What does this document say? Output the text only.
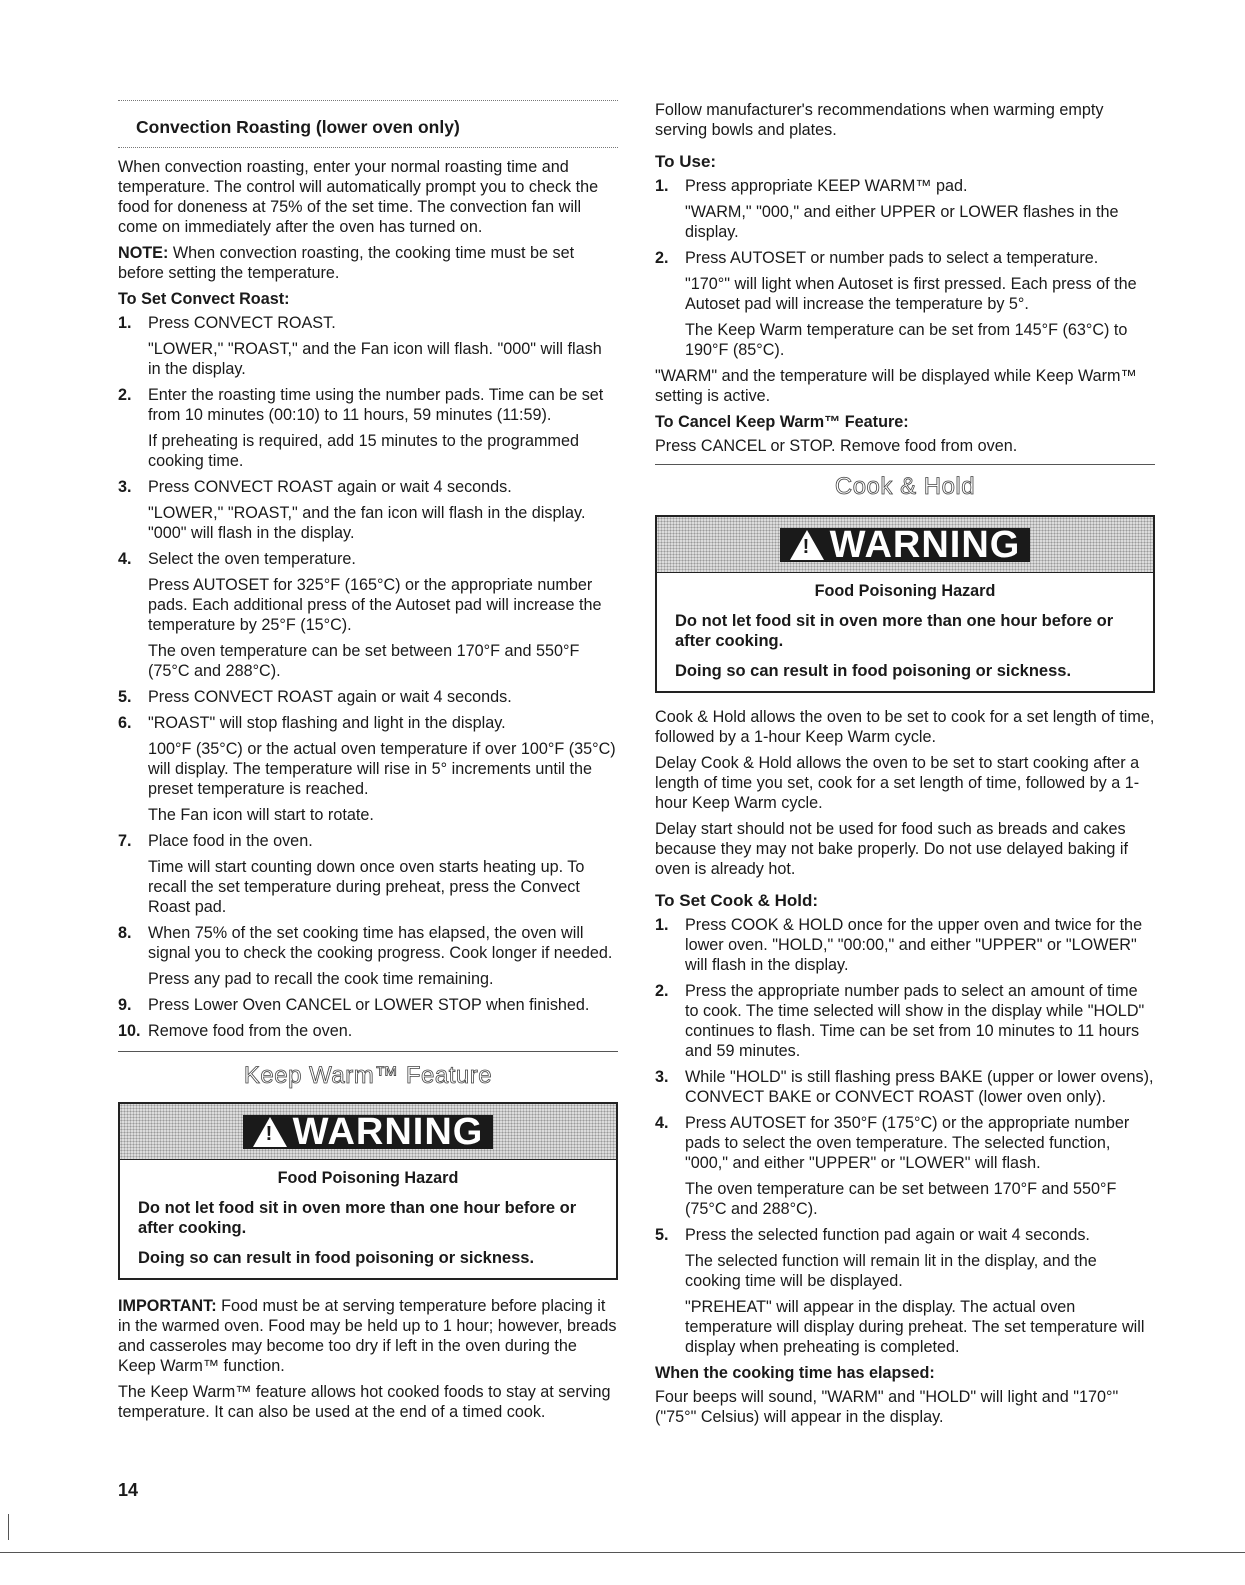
Convection Roasting (lower oven only)

When convection roasting, enter your normal roasting time and temperature. The control will automatically prompt you to check the food for doneness at 75% of the set time. The convection fan will come on immediately after the oven has turned on.

NOTE: When convection roasting, the cooking time must be set before setting the temperature.

To Set Convect Roast:

1. Press CONVECT ROAST.
"LOWER," "ROAST," and the Fan icon will flash. "000" will flash in the display.
2. Enter the roasting time using the number pads. Time can be set from 10 minutes (00:10) to 11 hours, 59 minutes (11:59).
If preheating is required, add 15 minutes to the programmed cooking time.
3. Press CONVECT ROAST again or wait 4 seconds.
"LOWER," "ROAST," and the fan icon will flash in the display. "000" will flash in the display.
4. Select the oven temperature.
Press AUTOSET for 325°F (165°C) or the appropriate number pads. Each additional press of the Autoset pad will increase the temperature by 25°F (15°C).
The oven temperature can be set between 170°F and 550°F (75°C and 288°C).
5. Press CONVECT ROAST again or wait 4 seconds.
6. "ROAST" will stop flashing and light in the display.
100°F (35°C) or the actual oven temperature if over 100°F (35°C) will display. The temperature will rise in 5° increments until the preset temperature is reached.
The Fan icon will start to rotate.
7. Place food in the oven.
Time will start counting down once oven starts heating up. To recall the set temperature during preheat, press the Convect Roast pad.
8. When 75% of the set cooking time has elapsed, the oven will signal you to check the cooking progress. Cook longer if needed.
Press any pad to recall the cook time remaining.
9. Press Lower Oven CANCEL or LOWER STOP when finished.
10. Remove food from the oven.
Keep Warm™ Feature
!
WARNING

Food Poisoning Hazard

Do not let food sit in oven more than one hour before or after cooking.

Doing so can result in food poisoning or sickness.

IMPORTANT: Food must be at serving temperature before placing it in the warmed oven. Food may be held up to 1 hour; however, breads and casseroles may become too dry if left in the oven during the Keep Warm™ function.

The Keep Warm™ feature allows hot cooked foods to stay at serving temperature. It can also be used at the end of a timed cook.

Follow manufacturer's recommendations when warming empty serving bowls and plates.

To Use:

1. Press appropriate KEEP WARM™ pad.
"WARM," "000," and either UPPER or LOWER flashes in the display.
2. Press AUTOSET or number pads to select a temperature.
"170°" will light when Autoset is first pressed. Each press of the Autoset pad will increase the temperature by 5°.
The Keep Warm temperature can be set from 145°F (63°C) to 190°F (85°C).

"WARM" and the temperature will be displayed while Keep Warm™ setting is active.

To Cancel Keep Warm™ Feature:

Press CANCEL or STOP. Remove food from oven.

Cook & Hold
!
WARNING

Food Poisoning Hazard

Do not let food sit in oven more than one hour before or after cooking.

Doing so can result in food poisoning or sickness.

Cook & Hold allows the oven to be set to cook for a set length of time, followed by a 1-hour Keep Warm cycle.

Delay Cook & Hold allows the oven to be set to start cooking after a length of time you set, cook for a set length of time, followed by a 1-hour Keep Warm cycle.

Delay start should not be used for food such as breads and cakes because they may not bake properly. Do not use delayed baking if oven is already hot.

To Set Cook & Hold:

1. Press COOK & HOLD once for the upper oven and twice for the lower oven. "HOLD," "00:00," and either "UPPER" or "LOWER" will flash in the display.
2. Press the appropriate number pads to select an amount of time to cook. The time selected will show in the display while "HOLD" continues to flash. Time can be set from 10 minutes to 11 hours and 59 minutes.
3. While "HOLD" is still flashing press BAKE (upper or lower ovens), CONVECT BAKE or CONVECT ROAST (lower oven only).
4. Press AUTOSET for 350°F (175°C) or the appropriate number pads to select the oven temperature. The selected function, "000," and either "UPPER" or "LOWER" will flash.
The oven temperature can be set between 170°F and 550°F (75°C and 288°C).
5. Press the selected function pad again or wait 4 seconds.
The selected function will remain lit in the display, and the cooking time will be displayed.
"PREHEAT" will appear in the display. The actual oven temperature will display during preheat. The set temperature will display when preheating is completed.

When the cooking time has elapsed:

Four beeps will sound, "WARM" and "HOLD" will light and "170°" ("75°" Celsius) will appear in the display.

14
